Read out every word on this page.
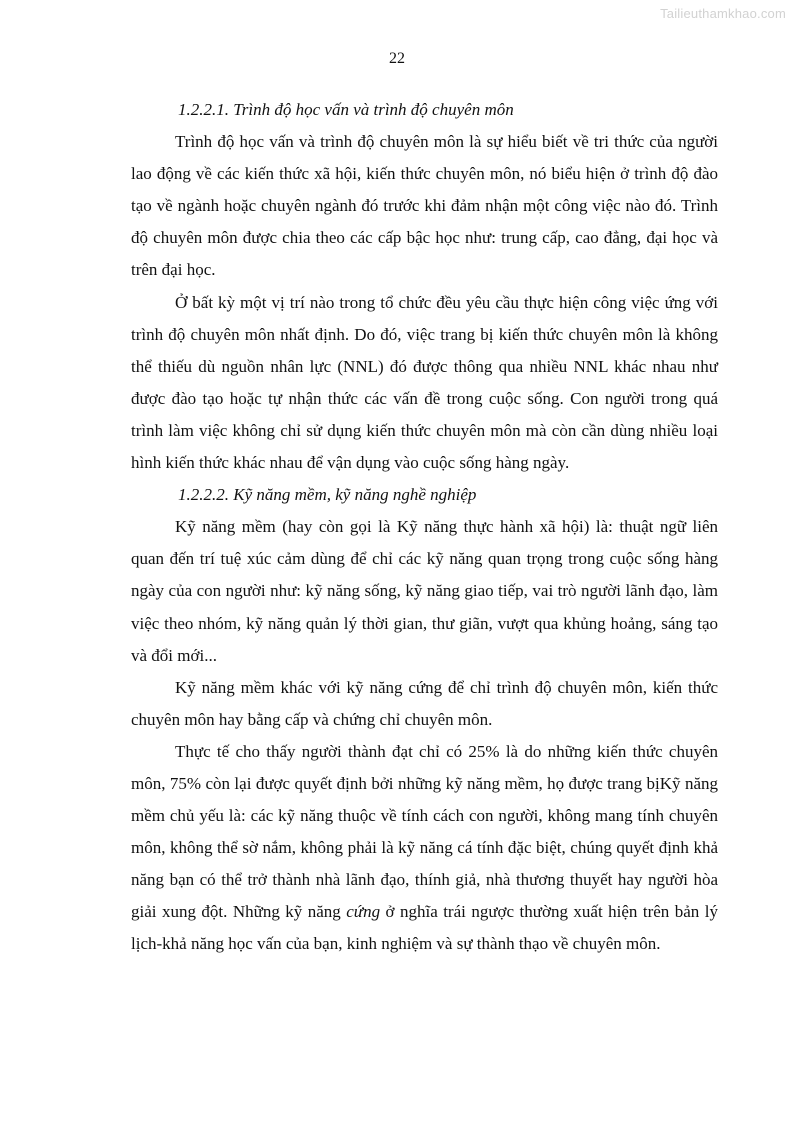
Tailieuthamkhao.com
22
1.2.2.1. Trình độ học vấn và trình độ chuyên môn

Trình độ học vấn và trình độ chuyên môn là sự hiểu biết về tri thức của người lao động về các kiến thức xã hội, kiến thức chuyên môn, nó biểu hiện ở trình độ đào tạo về ngành hoặc chuyên ngành đó trước khi đảm nhận một công việc nào đó. Trình độ chuyên môn được chia theo các cấp bậc học như: trung cấp, cao đẳng, đại học và trên đại học.

Ở bất kỳ một vị trí nào trong tổ chức đều yêu cầu thực hiện công việc ứng với trình độ chuyên môn nhất định. Do đó, việc trang bị kiến thức chuyên môn là không thể thiếu dù nguồn nhân lực (NNL) đó được thông qua nhiều NNL khác nhau như được đào tạo hoặc tự nhận thức các vấn đề trong cuộc sống. Con người trong quá trình làm việc không chỉ sử dụng kiến thức chuyên môn mà còn cần dùng nhiều loại hình kiến thức khác nhau để vận dụng vào cuộc sống hàng ngày.

1.2.2.2. Kỹ năng mềm, kỹ năng nghề nghiệp

Kỹ năng mềm (hay còn gọi là Kỹ năng thực hành xã hội) là: thuật ngữ liên quan đến trí tuệ xúc cảm dùng để chỉ các kỹ năng quan trọng trong cuộc sống hàng ngày của con người như: kỹ năng sống, kỹ năng giao tiếp, vai trò người lãnh đạo, làm việc theo nhóm, kỹ năng quản lý thời gian, thư giãn, vượt qua khủng hoảng, sáng tạo và đổi mới...

Kỹ năng mềm khác với kỹ năng cứng để chỉ trình độ chuyên môn, kiến thức chuyên môn hay bằng cấp và chứng chỉ chuyên môn.

Thực tế cho thấy người thành đạt chỉ có 25% là do những kiến thức chuyên môn, 75% còn lại được quyết định bởi những kỹ năng mềm, họ được trang bịKỹ năng mềm chủ yếu là: các kỹ năng thuộc về tính cách con người, không mang tính chuyên môn, không thể sờ nắm, không phải là kỹ năng cá tính đặc biệt, chúng quyết định khả năng bạn có thể trở thành nhà lãnh đạo, thính giả, nhà thương thuyết hay người hòa giải xung đột. Những kỹ năng cứng ở nghĩa trái ngược thường xuất hiện trên bản lý lịch-khả năng học vấn của bạn, kinh nghiệm và sự thành thạo về chuyên môn.
